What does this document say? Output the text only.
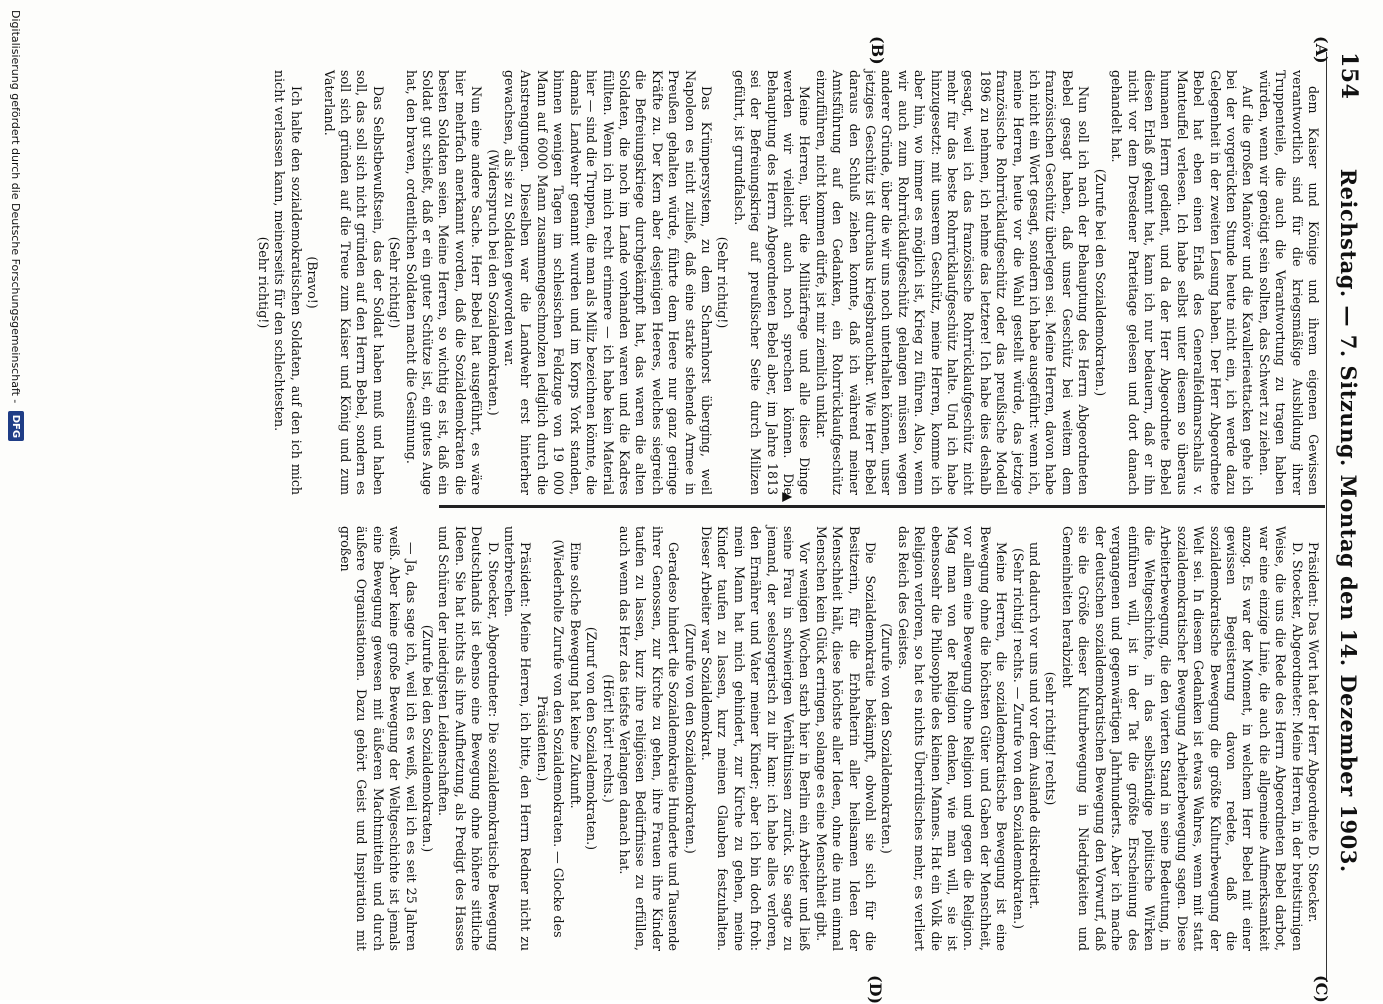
154
Reichstag. — 7. Sitzung. Montag den 14. Dezember 1903.
(A)
(B)
(C)
(D)

dem Kaiser und Könige und ihrem eigenen Gewissen verantwortlich sind für die kriegsmäßige Ausbildung ihrer Truppenteile, die auch die Verantwortung zu tragen haben würden, wenn wir genötigt sein sollten, das Schwert zu ziehen.

Auf die großen Manöver und die Kavallerieattacken gehe ich bei der vorgerückten Stunde heute nicht ein, ich werde dazu Gelegenheit in der zweiten Lesung haben. Der Herr Abgeordnete Bebel hat eben einen Erlaß des Generalfeldmarschalls v. Manteuffel verlesen. Ich habe selbst unter diesem so überaus humanen Herrn gedient, und da der Herr Abgeordnete Bebel diesen Erlaß gekannt hat, kann ich nur bedauern, daß er ihn nicht vor dem Dresdener Parteitage gelesen und dort danach gehandelt hat.

(Zurufe bei den Sozialdemokraten.)

Nun soll ich nach der Behauptung des Herrn Abgeordneten Bebel gesagt haben, daß unser Geschütz bei weitem dem französischen Geschütz überlegen sei. Meine Herren, davon habe ich nicht ein Wort gesagt, sondern ich habe ausgeführt: wenn ich, meine Herren, heute vor die Wahl gestellt würde, das jetzige französische Rohrrücklaufgeschütz oder das preußische Modell 1896 zu nehmen, ich nehme das letztere! Ich habe dies deshalb gesagt, weil ich das französische Rohrrücklaufgeschütz nicht mehr für das beste Rohrrücklaufgeschütz halte. Und ich habe hinzugesetzt: mit unserem Geschütz, meine Herren, komme ich aber hin, wo immer es möglich ist, Krieg zu führen. Also, wenn wir auch zum Rohrrücklaufgeschütz gelangen müssen wegen anderer Gründe, über die wir uns noch unterhalten können, unser jetziges Geschütz ist durchaus kriegsbrauchbar. Wie Herr Bebel daraus den Schluß ziehen konnte, daß ich während meiner Amtsführung auf den Gedanken, ein Rohrrücklaufgeschütz einzuführen, nicht kommen dürfe, ist mir ziemlich unklar.

Meine Herren, über die Militärfrage und alle diese Dinge werden wir vielleicht auch noch sprechen können. Die Behauptung des Herrn Abgeordneten Bebel aber, im Jahre 1813 sei der Befreiungskrieg auf preußischer Seite durch Milizen geführt, ist grundfalsch.

(Sehr richtig!)

Das Krümpersystem, zu dem Scharnhorst überging, weil Napoleon es nicht zuließ, daß eine starke stehende Armee in Preußen gehalten würde, führte dem Heere nur ganz geringe Kräfte zu. Der Kern aber desjenigen Heeres, welches siegreich die Befreiungskriege durchgekämpft hat, das waren die alten Soldaten, die noch im Lande vorhanden waren und die Kadres füllten. Wenn ich mich recht erinnere — ich habe kein Material hier — sind die Truppen, die man als Miliz bezeichnen könnte, die damals Landwehr genannt wurden und im Korps York standen, binnen wenigen Tagen im schlesischen Feldzuge von 19 000 Mann auf 6000 Mann zusammengeschmolzen lediglich durch die Anstrengungen. Dieselben war die Landwehr erst hinterher gewachsen, als sie zu Soldaten geworden war.

(Widerspruch bei den Sozialdemokraten.)

Nun eine andere Sache. Herr Bebel hat ausgeführt, es wäre hier mehrfach anerkannt worden, daß die Sozialdemokraten die besten Soldaten seien. Meine Herren, so wichtig es ist, daß ein Soldat gut schießt, daß er ein guter Schütze ist, ein gutes Auge hat, den braven, ordentlichen Soldaten macht die Gesinnung.

(Sehr richtig!)

Das Selbstbewußtsein, das der Soldat haben muß und haben soll, das soll sich nicht gründen auf den Herrn Bebel, sondern es soll sich gründen auf die Treue zum Kaiser und König und zum Vaterland.

(Bravo!)

Ich halte den sozialdemokratischen Soldaten, auf den ich mich nicht verlassen kann, meinerseits für den schlechtesten.

(Sehr richtig!)

▴

Präsident: Das Wort hat der Herr Abgeordnete D. Stoecker.

D. Stoecker, Abgeordneter: Meine Herren, in der breitstirnigen Weise, die uns die Rede des Herrn Abgeordneten Bebel darbot, war eine einzige Linie, die auch die allgemeine Aufmerksamkeit anzog. Es war der Moment, in welchem Herr Bebel mit einer gewissen Begeisterung davon redete, daß die sozialdemokratische Bewegung die größte Kulturbewegung der Welt sei. In diesem Gedanken ist etwas Wahres, wenn mit statt sozialdemokratischer Bewegung Arbeiterbewegung sagen. Diese Arbeiterbewegung, die den vierten Stand in seine Bedeutung, in die Weltgeschichte, in das selbständige politische Wirken einführen will, ist in der Tat die größte Erscheinung des vergangenen und gegenwärtigen Jahrhunderts. Aber ich mache der deutschen sozialdemokratischen Bewegung den Vorwurf, daß sie die Größe dieser Kulturbewegung in Niedrigkeiten und Gemeinheiten herabzieht

(sehr richtig! rechts)

und dadurch vor uns und vor dem Auslande diskreditiert.

(Sehr richtig! rechts. — Zurufe von den Sozialdemokraten.)

Meine Herren, die sozialdemokratische Bewegung ist eine Bewegung ohne die höchsten Güter und Gaben der Menschheit, vor allem eine Bewegung ohne Religion und gegen die Religion. Mag man von der Religion denken, wie man will, sie ist ebensosehr die Philosophie des kleinen Mannes. Hat ein Volk die Religion verloren, so hat es nichts Überirdisches mehr, es verliert das Reich des Geistes.

(Zurufe von den Sozialdemokraten.)

Die Sozialdemokratie bekämpft, obwohl sie sich für die Besitzerin, für die Erbhalterin aller heilsamen Ideen der Menschheit hält, diese höchste aller Ideen, ohne die nun einmal Menschen kein Glück erringen, solange es eine Menschheit gibt.

Vor wenigen Wochen starb hier in Berlin ein Arbeiter und ließ seine Frau in schwierigen Verhältnissen zurück. Sie sagte zu jemand, der seelsorgerisch zu ihr kam: ich habe alles verloren, den Ernährer und Vater meiner Kinder; aber ich bin doch froh: mein Mann hat mich gehindert, zur Kirche zu gehen, meine Kinder taufen zu lassen, kurz meinen Glauben festzuhalten. Dieser Arbeiter war Sozialdemokrat.

(Zurufe von den Sozialdemokraten.)

Geradeso hindert die Sozialdemokratie Hunderte und Tausende ihrer Genossen, zur Kirche zu gehen, ihre Frauen ihre Kinder taufen zu lassen, kurz ihre religiösen Bedürfnisse zu erfüllen, auch wenn das Herz das tiefste Verlangen danach hat.

(Hört! hört! rechts.)

(Zuruf von den Sozialdemokraten.)

Eine solche Bewegung hat keine Zukunft.

(Wiederholte Zurufe von den Sozialdemokraten. — Glocke des Präsidenten.)

Präsident: Meine Herren, ich bitte, den Herrn Redner nicht zu unterbrechen.

D. Stoecker, Abgeordneter: Die sozialdemokratische Bewegung Deutschlands ist ebenso eine Bewegung ohne höhere sittliche Ideen. Sie hat nichts als ihre Aufhetzung, als Predigt des Hasses und Schüren der niedrigsten Leidenschaften.

(Zurufe bei den Sozialdemokraten.)

— Ja, das sage ich, weil ich es weiß, weil ich es seit 25 Jahren weiß. Aber keine große Bewegung der Weltgeschichte ist jemals eine Bewegung gewesen mit äußeren Machtmitteln und durch äußere Organisationen. Dazu gehört Geist und Inspiration mit großen

Digitalisierung gefördert durch die Deutsche Forschungsgemeinschaft -
DFG
